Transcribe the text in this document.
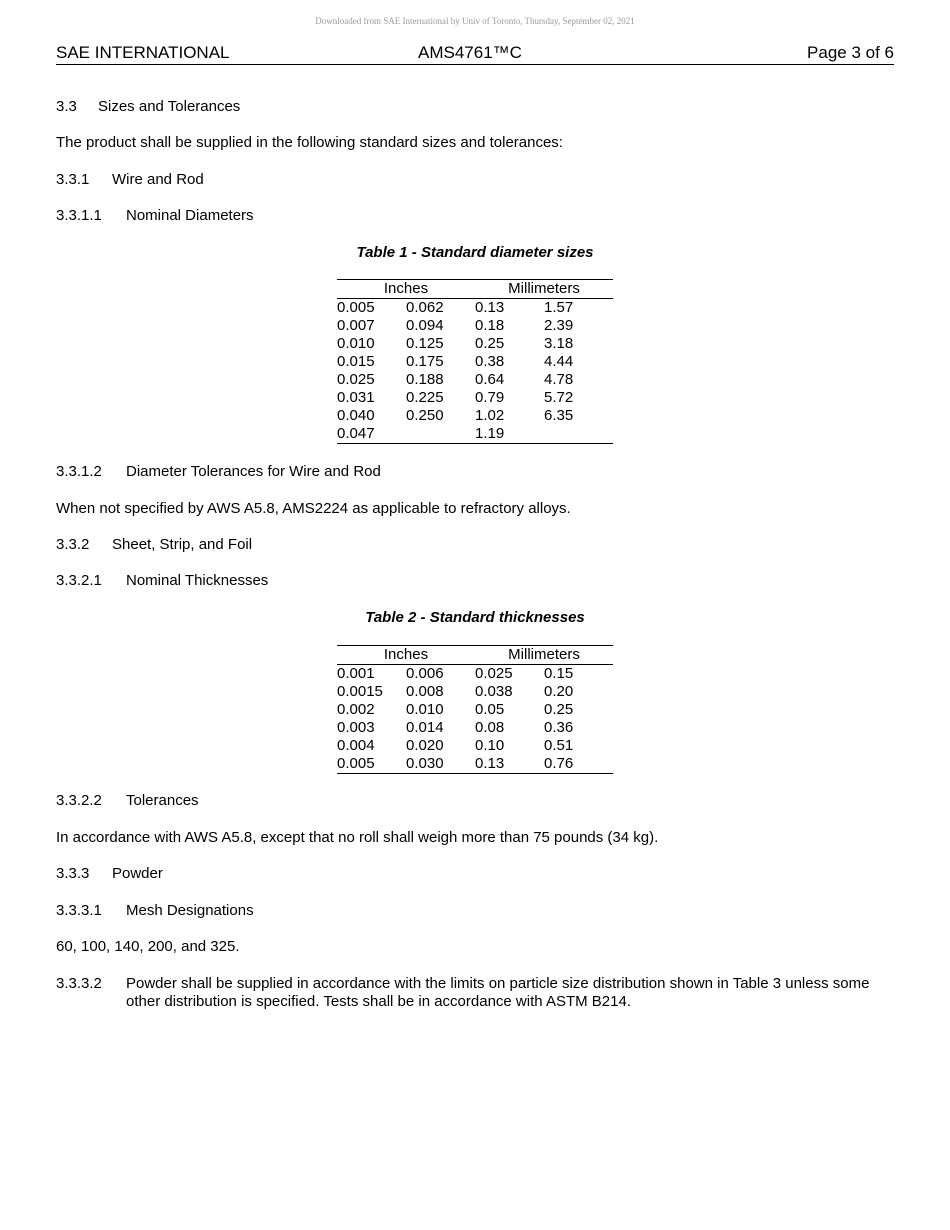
Downloaded from SAE International by Univ of Toronto, Thursday, September 02, 2021
SAE INTERNATIONAL	AMS4761™C	Page 3 of 6
3.3 Sizes and Tolerances
The product shall be supplied in the following standard sizes and tolerances:
3.3.1 Wire and Rod
3.3.1.1 Nominal Diameters
Table 1 - Standard diameter sizes
Inches		Millimeters	
0.005	0.062	0.13	1.57
0.007	0.094	0.18	2.39
0.010	0.125	0.25	3.18
0.015	0.175	0.38	4.44
0.025	0.188	0.64	4.78
0.031	0.225	0.79	5.72
0.040	0.250	1.02	6.35
0.047		1.19	
3.3.1.2 Diameter Tolerances for Wire and Rod
When not specified by AWS A5.8, AMS2224 as applicable to refractory alloys.
3.3.2 Sheet, Strip, and Foil
3.3.2.1 Nominal Thicknesses
Table 2 - Standard thicknesses
Inches		Millimeters	
0.001	0.006	0.025	0.15
0.0015	0.008	0.038	0.20
0.002	0.010	0.05	0.25
0.003	0.014	0.08	0.36
0.004	0.020	0.10	0.51
0.005	0.030	0.13	0.76
3.3.2.2 Tolerances
In accordance with AWS A5.8, except that no roll shall weigh more than 75 pounds (34 kg).
3.3.3 Powder
3.3.3.1 Mesh Designations
60, 100, 140, 200, and 325.
3.3.3.2 Powder shall be supplied in accordance with the limits on particle size distribution shown in Table 3 unless some other distribution is specified. Tests shall be in accordance with ASTM B214.
